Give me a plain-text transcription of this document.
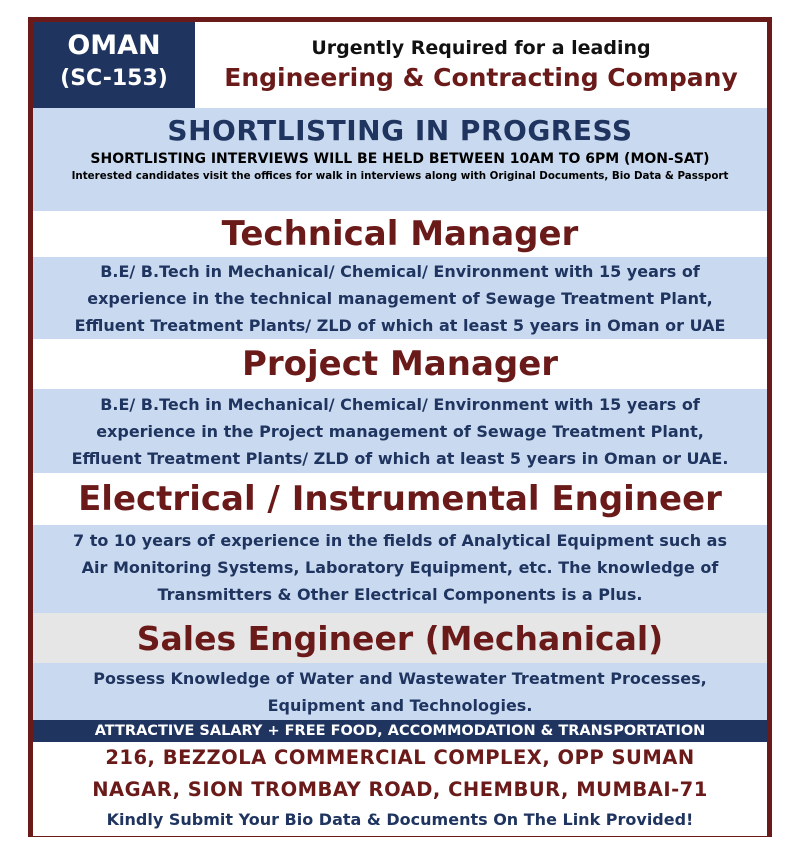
OMAN
(SC-153)
Urgently Required for a leading
Engineering & Contracting Company
SHORTLISTING IN PROGRESS
SHORTLISTING INTERVIEWS WILL BE HELD BETWEEN 10AM TO 6PM (MON-SAT)
Interested candidates visit the offices for walk in interviews along with Original Documents, Bio Data & Passport
Technical Manager
B.E/ B.Tech in Mechanical/ Chemical/ Environment with 15 years of
experience in the technical management of Sewage Treatment Plant,
Effluent Treatment Plants/ ZLD of which at least 5 years in Oman or UAE
Project Manager
B.E/ B.Tech in Mechanical/ Chemical/ Environment with 15 years of
experience in the Project management of Sewage Treatment Plant,
Effluent Treatment Plants/ ZLD of which at least 5 years in Oman or UAE.
Electrical / Instrumental Engineer
7 to 10 years of experience in the fields of Analytical Equipment such as
Air Monitoring Systems, Laboratory Equipment, etc. The knowledge of
Transmitters & Other Electrical Components is a Plus.
Sales Engineer (Mechanical)
Possess Knowledge of Water and Wastewater Treatment Processes,
Equipment and Technologies.
ATTRACTIVE SALARY + FREE FOOD, ACCOMMODATION & TRANSPORTATION
216, BEZZOLA COMMERCIAL COMPLEX, OPP SUMAN
NAGAR, SION TROMBAY ROAD, CHEMBUR, MUMBAI-71
Kindly Submit Your Bio Data & Documents On The Link Provided!
